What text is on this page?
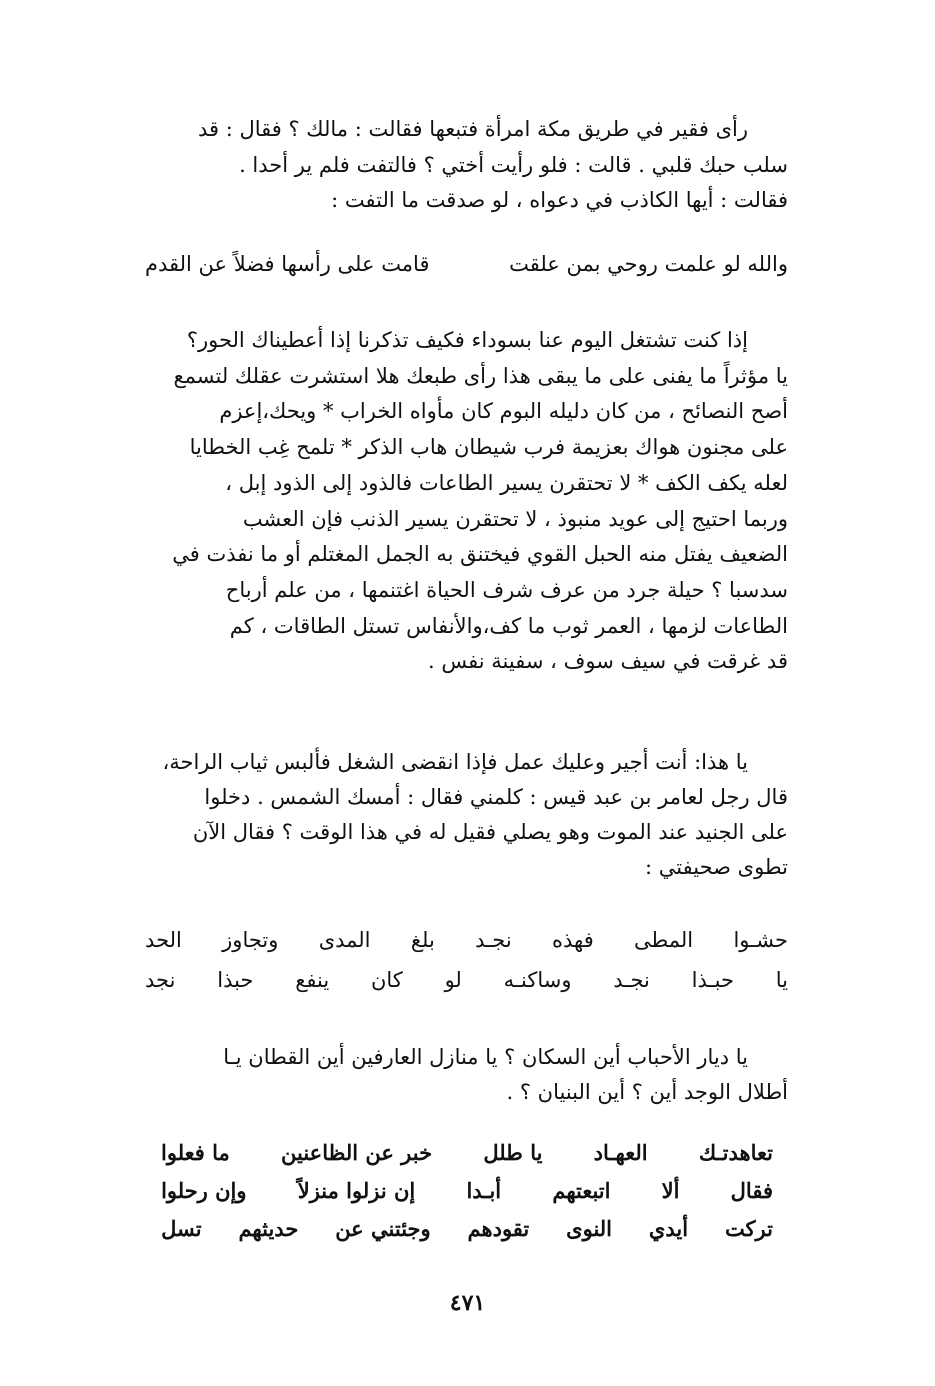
رأى فقير في طريق مكة امرأة فتبعها فقالت : مالك ؟ فقال : قد
سلب حبك قلبي . قالت : فلو رأيت أختي ؟ فالتفت فلم ير أحدا .
فقالت : أيها الكاذب في دعواه ، لو صدقت ما التفت :
والله لو علمت روحي بمن علقت
قامت على رأسها فضلاً عن القدم
إذا كنت تشتغل اليوم عنا بسوداء فكيف تذكرنا إذا أعطيناك الحور؟
يا مؤثراً ما يفنى على ما يبقى هذا رأى طبعك هلا استشرت عقلك لتسمع
أصح النصائح ، من كان دليله البوم كان مأواه الخراب * ويحك،إعزم
على مجنون هواك بعزيمة فرب شيطان هاب الذكر * تلمح غِب الخطايا
لعله يكف الكف * لا تحتقرن يسير الطاعات فالذود إلى الذود إبل ،
وربما احتيج إلى عويد منبوذ ، لا تحتقرن يسير الذنب فإن العشب
الضعيف يفتل منه الحبل القوي فيختنق به الجمل المغتلم أو ما نفذت في
سدسبا ؟ حيلة جرد من عرف شرف الحياة اغتنمها ، من علم أرباح
الطاعات لزمها ، العمر ثوب ما كف،والأنفاس تستل الطاقات ، كم
قد غرقت في سيف سوف ، سفينة نفس .
يا هذا: أنت أجير وعليك عمل فإذا انقضى الشغل فألبس ثياب الراحة،
قال رجل لعامر بن عبد قيس : كلمني فقال : أمسك الشمس . دخلوا
على الجنيد عند الموت وهو يصلي فقيل له في هذا الوقت ؟ فقال الآن
تطوى صحيفتي :
حشـوا
المطى
فهذه
نجـد
بلغ
المدى
وتجاوز
الحد
يا
حبـذا
نجـد
وساكنـه
لو
كان
ينفع
حبذا
نجد
يا ديار الأحباب أين السكان ؟ يا منازل العارفين أين القطان يـا
أطلال الوجد أين ؟ أين البنيان ؟ .
تعاهدتـك
العهـاد
يا طلل
خبر عن الظاعنين
ما فعلوا
فقال
ألا
اتبعتهم
أبـدا
إن نزلوا منزلاً
وإن رحلوا
تركت
أيدي
النوى
تقودهم
وجئتني عن
حديثهم
تسل
٤٧١
